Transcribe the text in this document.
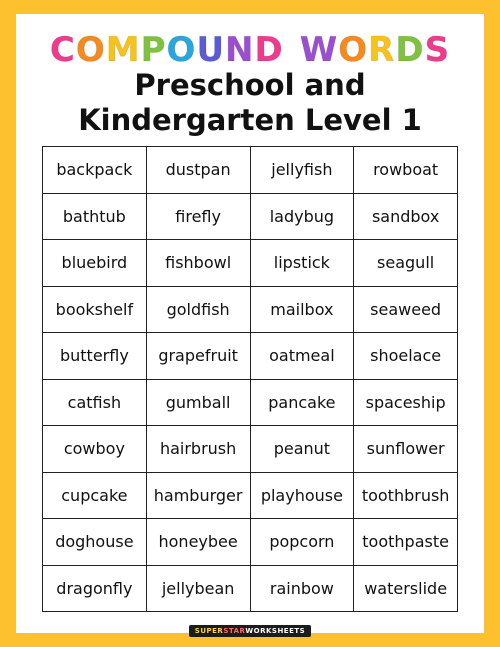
COMPOUND WORDS
Preschool and
Kindergarten Level 1
backpack	dustpan	jellyfish	rowboat
bathtub	firefly	ladybug	sandbox
bluebird	fishbowl	lipstick	seagull
bookshelf	goldfish	mailbox	seaweed
butterfly	grapefruit	oatmeal	shoelace
catfish	gumball	pancake	spaceship
cowboy	hairbrush	peanut	sunflower
cupcake	hamburger	playhouse	toothbrush
doghouse	honeybee	popcorn	toothpaste
dragonfly	jellybean	rainbow	waterslide
SUPERSTARWORKSHEETS
